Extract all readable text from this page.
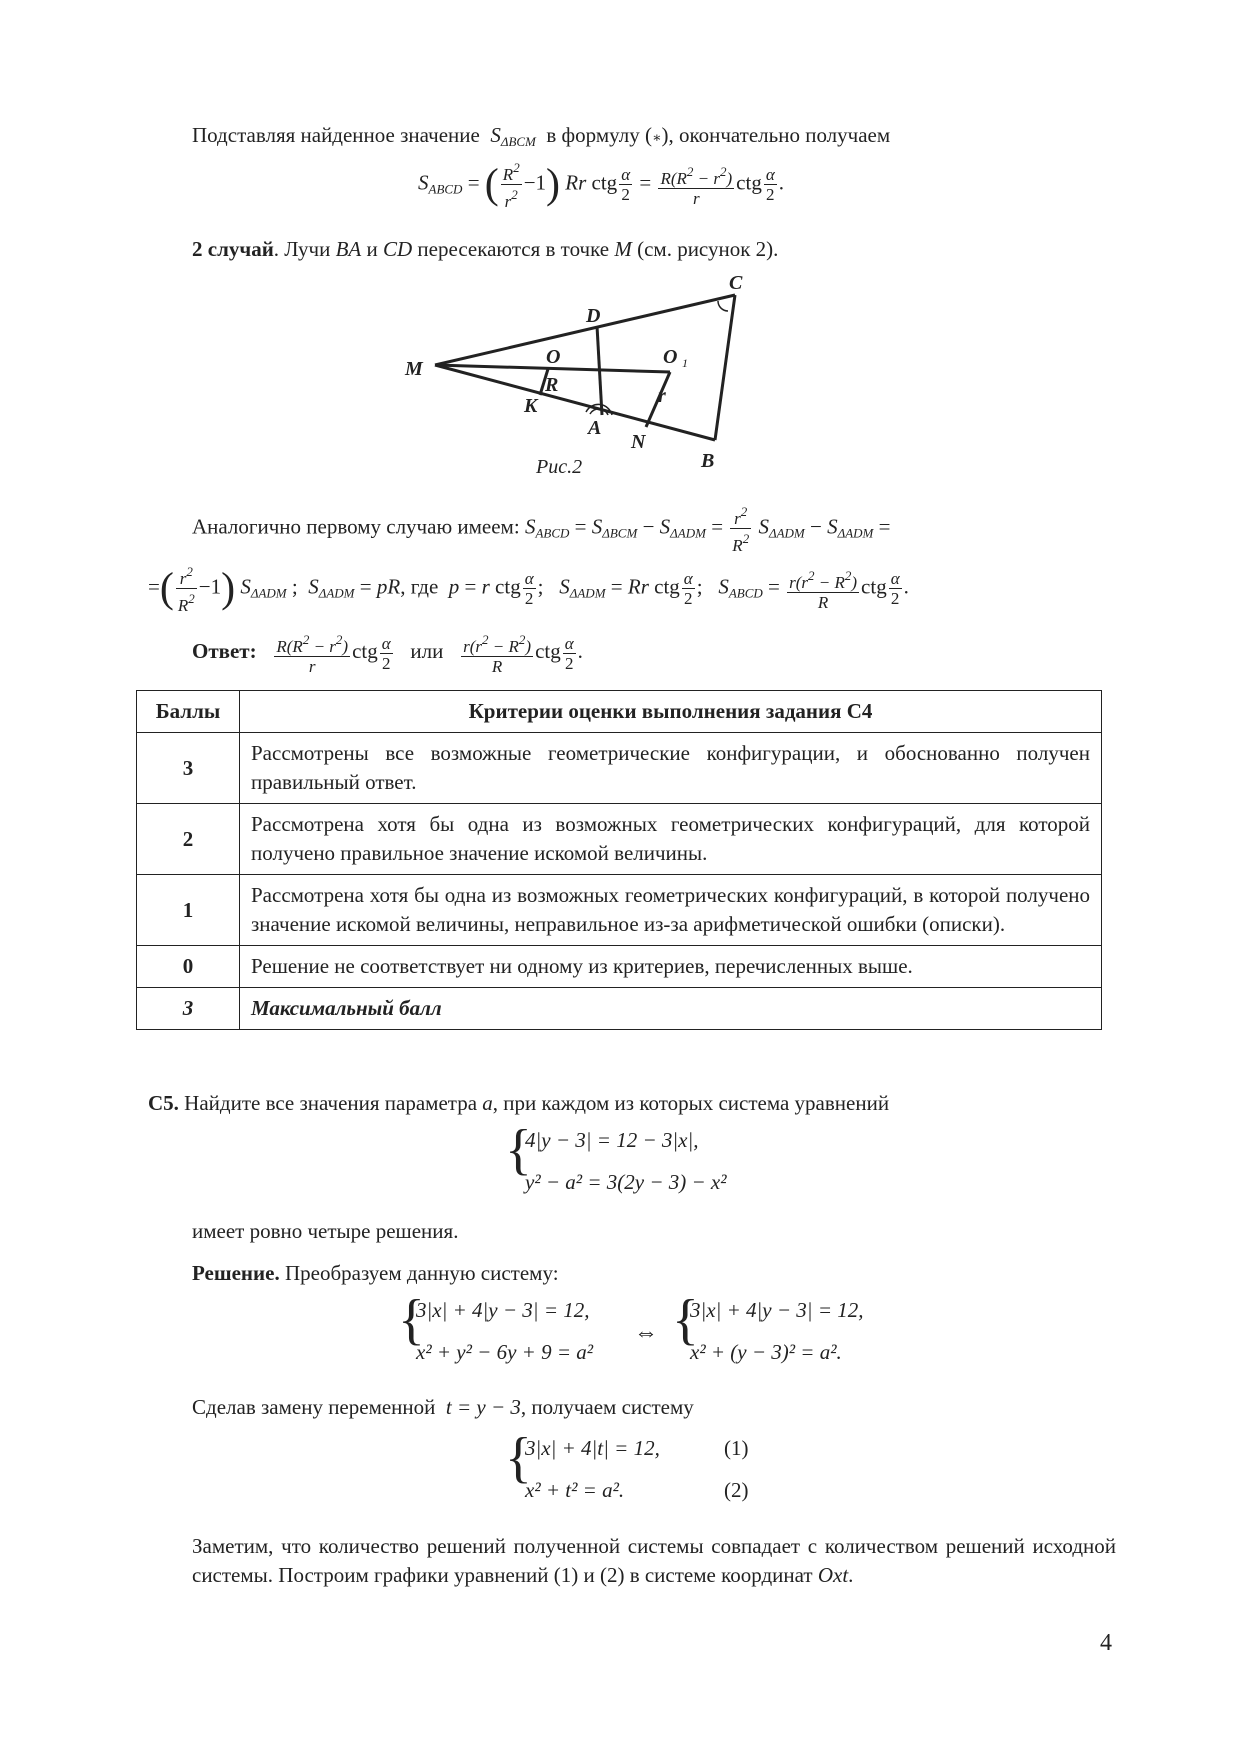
Подставляя найденное значение  $S_{\Delta BCM}$ в формулу (∗), окончательно получаем
$S_{ABCD}$ = ( $\frac{R^2}{r^2} -1$) Rr ctg $\frac{\alpha}{2} = \frac{R(R^2 - r^2)}{r}$ ctg $\frac{\alpha}{2}$ .
2 случай. Лучи BA и CD пересекаются в точке M (см. рисунок 2).
C
D
O	O 1
M
R	r
K
A
N
B
Рис.2
Аналогично первому случаю имеем: $S_{ABCD} = S_{\Delta BCM} - S_{\Delta ADM} = \frac{r^2}{R^2} S_{\Delta ADM} - S_{\Delta ADM}$ =
=( $\frac{r^2}{R^2} -1$) $S_{\Delta ADM}$ ;  $S_{\Delta ADM}$ = pR, где p = r ctg $\frac{\alpha}{2}$ ;   $S_{\Delta ADM} = Rr$ ctg $\frac{\alpha}{2}$ ;   $S_{ABCD} = \frac{r(r^2 - R^2)}{R}$ ctg $\frac{\alpha}{2}$ .
Ответ: $\frac{R(R^2 - r^2)}{r}$ ctg $\frac{\alpha}{2}$ или $\frac{r(r^2 - R^2)}{R}$ ctg $\frac{\alpha}{2}$ .
Баллы	Критерии оценки выполнения задания С4
3	Рассмотрены все возможные геометрические конфигурации, и обоснованно получен правильный ответ.
2	Рассмотрена хотя бы одна из возможных геометрических конфигураций, для которой получено правильное значение искомой величины.
1	Рассмотрена хотя бы одна из возможных геометрических конфигураций, в которой получено значение искомой величины, неправильное из-за арифметической ошибки (описки).
0	Решение не соответствует ни одному из критериев, перечисленных выше.
3	Максимальный балл
С5. Найдите все значения параметра a, при каждом из которых система уравнений
{
4|y − 3| = 12 − 3|x|,
y² − a² = 3(2y − 3) − x²
имеет ровно четыре решения.
Решение. Преобразуем данную систему:
{
3|x| + 4|y − 3| = 12,
x² + y² − 6y + 9 = a²
⇔ {
3|x| + 4|y − 3| = 12,
x² + (y − 3)² = a².
Сделав замену переменной t = y − 3, получаем систему
{
3|x| + 4|t| = 12,
x² + t² = a².
(1)
(2)
Заметим, что количество решений полученной системы совпадает с количеством решений исходной системы. Построим графики уравнений (1) и (2) в системе координат Oxt.
4
